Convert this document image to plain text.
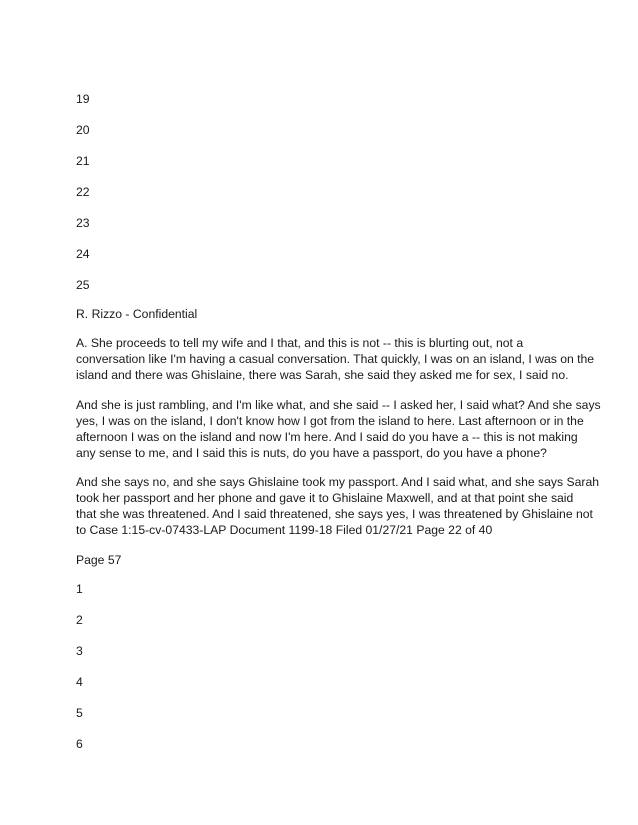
19
20
21
22
23
24
25
R. Rizzo - Confidential

A. She proceeds to tell my wife and I that, and this is not -- this is blurting out, not a

conversation like I'm having a casual conversation. That quickly, I was on an island, I was on the

island and there was Ghislaine, there was Sarah, she said they asked me for sex, I said no.

And she is just rambling, and I'm like what, and she said -- I asked her, I said what? And she says

yes, I was on the island, I don't know how I got from the island to here. Last afternoon or in the

afternoon I was on the island and now I'm here. And I said do you have a -- this is not making

any sense to me, and I said this is nuts, do you have a passport, do you have a phone?

And she says no, and she says Ghislaine took my passport. And I said what, and she says Sarah

took her passport and her phone and gave it to Ghislaine Maxwell, and at that point she said

that she was threatened. And I said threatened, she says yes, I was threatened by Ghislaine not

to Case 1:15-cv-07433-LAP Document 1199-18 Filed 01/27/21 Page 22 of 40

Page 57
1
2
3
4
5
6
